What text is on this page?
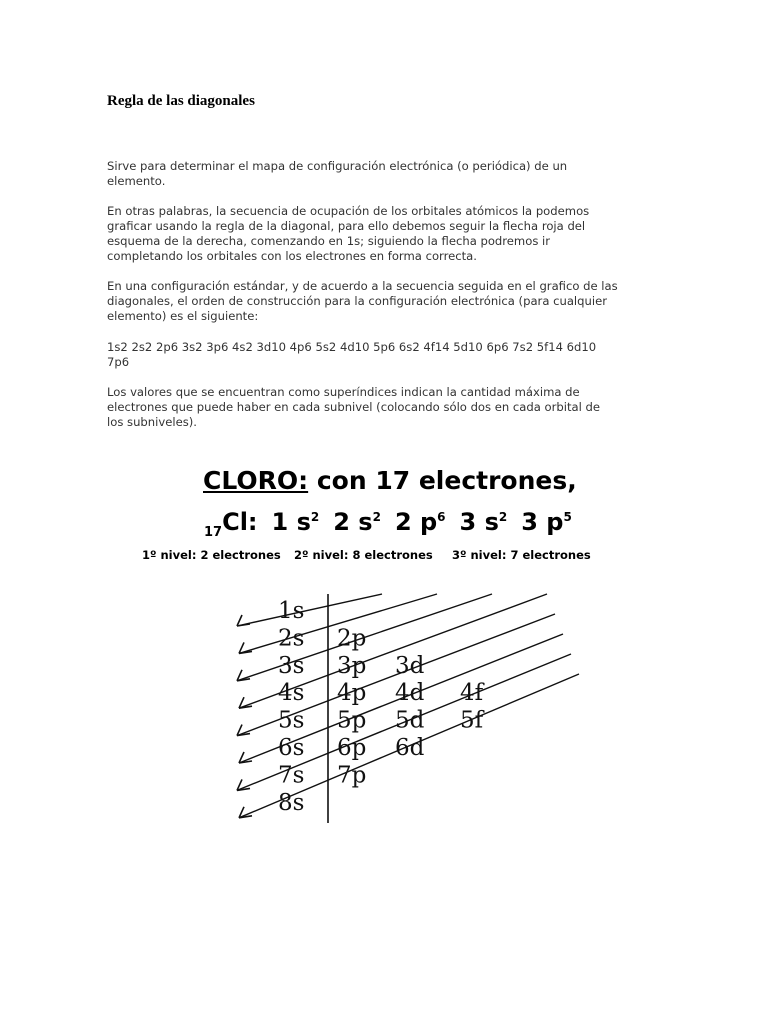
Regla de las diagonales
Sirve para determinar el mapa de configuración electrónica (o periódica) de un
elemento.
En otras palabras, la secuencia de ocupación de los orbitales atómicos la podemos
graficar usando la regla de la diagonal, para ello debemos seguir la flecha roja del
esquema de la derecha, comenzando en 1s; siguiendo la flecha podremos ir
completando los orbitales con los electrones en forma correcta.
En una configuración estándar, y de acuerdo a la secuencia seguida en el grafico de las
diagonales, el orden de construcción para la configuración electrónica (para cualquier
elemento) es el siguiente:
1s2 2s2 2p6 3s2 3p6 4s2 3d10 4p6 5s2 4d10 5p6 6s2 4f14 5d10 6p6 7s2 5f14 6d10
7p6
Los valores que se encuentran como superíndices indican la cantidad máxima de
electrones que puede haber en cada subnivel (colocando sólo dos en cada orbital de
los subniveles).
CLORO: con 17 electrones,
$_{17}$Cl: 1 $s^2$ 2 $s^2$ 2 $p^6$ 3 $s^2$ 3 $p^5$
1º nivel: 2 electrones 2º nivel: 8 electrones 3º nivel: 7 electrones
1s
2s 2p
3s 3p 3d
4s 4p 4d 4f
5s 5p 5d 5f
6s 6p 6d
7s 7p
8s
